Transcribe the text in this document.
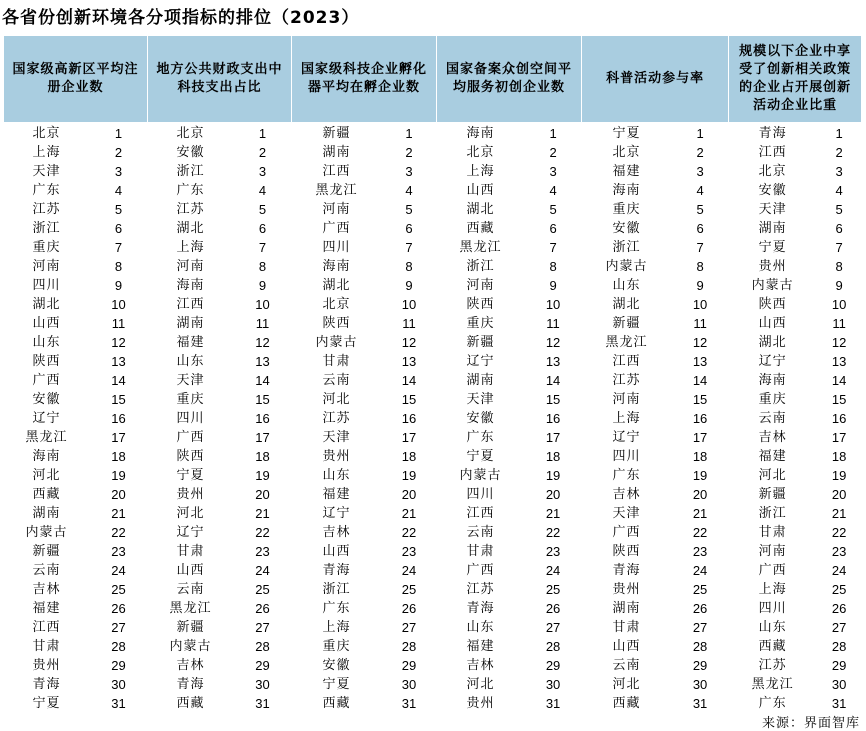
各省份创新环境各分项指标的排位（2023）
国家级高新区平均注册企业数		地方公共财政支出中科技支出占比		国家级科技企业孵化器平均在孵企业数		国家备案众创空间平均服务初创企业数		科普活动参与率		规模以下企业中享受了创新相关政策的企业占开展创新活动企业比重	
北京	1	北京	1	新疆	1	海南	1	宁夏	1	青海	1
上海	2	安徽	2	湖南	2	北京	2	北京	2	江西	2
天津	3	浙江	3	江西	3	上海	3	福建	3	北京	3
广东	4	广东	4	黑龙江	4	山西	4	海南	4	安徽	4
江苏	5	江苏	5	河南	5	湖北	5	重庆	5	天津	5
浙江	6	湖北	6	广西	6	西藏	6	安徽	6	湖南	6
重庆	7	上海	7	四川	7	黑龙江	7	浙江	7	宁夏	7
河南	8	河南	8	海南	8	浙江	8	内蒙古	8	贵州	8
四川	9	海南	9	湖北	9	河南	9	山东	9	内蒙古	9
湖北	10	江西	10	北京	10	陕西	10	湖北	10	陕西	10
山西	11	湖南	11	陕西	11	重庆	11	新疆	11	山西	11
山东	12	福建	12	内蒙古	12	新疆	12	黑龙江	12	湖北	12
陕西	13	山东	13	甘肃	13	辽宁	13	江西	13	辽宁	13
广西	14	天津	14	云南	14	湖南	14	江苏	14	海南	14
安徽	15	重庆	15	河北	15	天津	15	河南	15	重庆	15
辽宁	16	四川	16	江苏	16	安徽	16	上海	16	云南	16
黑龙江	17	广西	17	天津	17	广东	17	辽宁	17	吉林	17
海南	18	陕西	18	贵州	18	宁夏	18	四川	18	福建	18
河北	19	宁夏	19	山东	19	内蒙古	19	广东	19	河北	19
西藏	20	贵州	20	福建	20	四川	20	吉林	20	新疆	20
湖南	21	河北	21	辽宁	21	江西	21	天津	21	浙江	21
内蒙古	22	辽宁	22	吉林	22	云南	22	广西	22	甘肃	22
新疆	23	甘肃	23	山西	23	甘肃	23	陕西	23	河南	23
云南	24	山西	24	青海	24	广西	24	青海	24	广西	24
吉林	25	云南	25	浙江	25	江苏	25	贵州	25	上海	25
福建	26	黑龙江	26	广东	26	青海	26	湖南	26	四川	26
江西	27	新疆	27	上海	27	山东	27	甘肃	27	山东	27
甘肃	28	内蒙古	28	重庆	28	福建	28	山西	28	西藏	28
贵州	29	吉林	29	安徽	29	吉林	29	云南	29	江苏	29
青海	30	青海	30	宁夏	30	河北	30	河北	30	黑龙江	30
宁夏	31	西藏	31	西藏	31	贵州	31	西藏	31	广东	31
来源：界面智库
